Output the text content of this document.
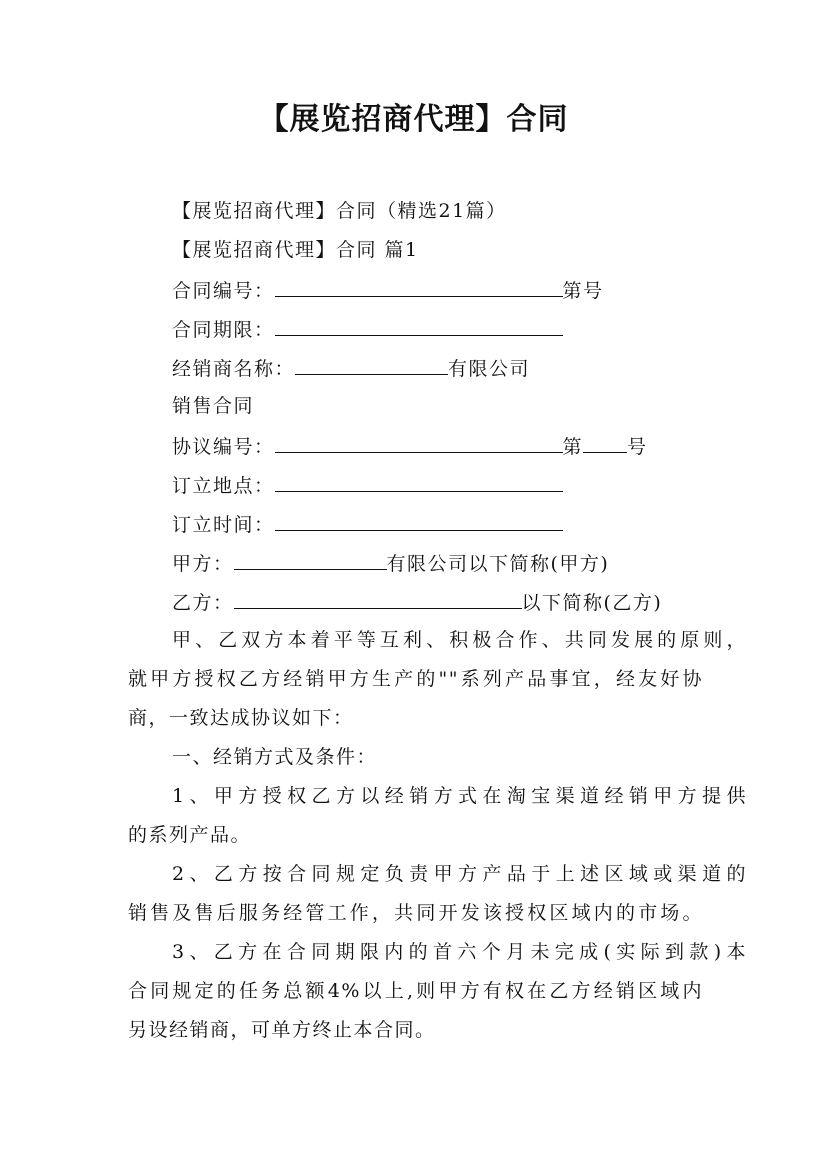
【展览招商代理】合同
【展览招商代理】合同（精选21篇）
【展览招商代理】合同 篇1
合同编号：	第号
合同期限：
经销商名称：	有限公司
销售合同
协议编号：	第 号
订立地点：
订立时间：
甲方：	有限公司以下简称(甲方)
乙方：	以下简称(乙方)
甲、乙双方本着平等互利、积极合作、共同发展的原则，
就甲方授权乙方经销甲方生产的""系列产品事宜，经友好协
商，一致达成协议如下：
一、经销方式及条件：
1、甲方授权乙方以经销方式在淘宝渠道经销甲方提供
的系列产品。
2、乙方按合同规定负责甲方产品于上述区域或渠道的
销售及售后服务经管工作，共同开发该授权区域内的市场。
3、乙方在合同期限内的首六个月未完成(实际到款)本
合同规定的任务总额4%以上,则甲方有权在乙方经销区域内
另设经销商，可单方终止本合同。
